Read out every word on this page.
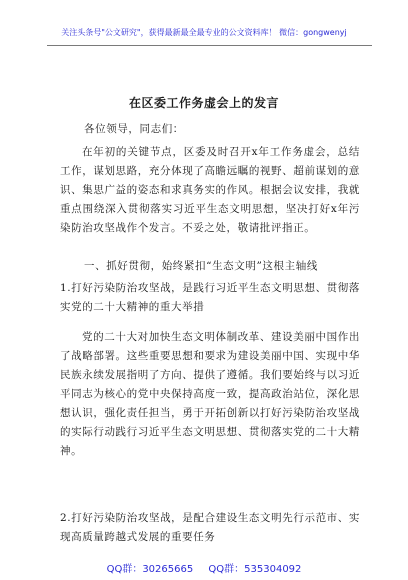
关注头条号"公文研究"，获得最新最全最专业的公文资料库！ 微信：gongwenyj
在区委工作务虚会上的发言

各位领导，同志们：

在年初的关键节点，区委及时召开x年工作务虚会，总结工作，谋划思路，充分体现了高瞻远瞩的视野、超前谋划的意识、集思广益的姿态和求真务实的作风。根据会议安排，我就重点围绕深入贯彻落实习近平生态文明思想，坚决打好x年污染防治攻坚战作个发言。不妥之处，敬请批评指正。

一、抓好贯彻，始终紧扣“生态文明”这根主轴线

1.打好污染防治攻坚战，是践行习近平生态文明思想、贯彻落实党的二十大精神的重大举措

党的二十大对加快生态文明体制改革、建设美丽中国作出了战略部署。这些重要思想和要求为建设美丽中国、实现中华民族永续发展指明了方向、提供了遵循。我们要始终与以习近平同志为核心的党中央保持高度一致，提高政治站位，深化思想认识，强化责任担当，勇于开拓创新以打好污染防治攻坚战的实际行动践行习近平生态文明思想、贯彻落实党的二十大精神。

2.打好污染防治攻坚战，是配合建设生态文明先行示范市、实现高质量跨越式发展的重要任务

QQ群：30265665 QQ群：535304092
